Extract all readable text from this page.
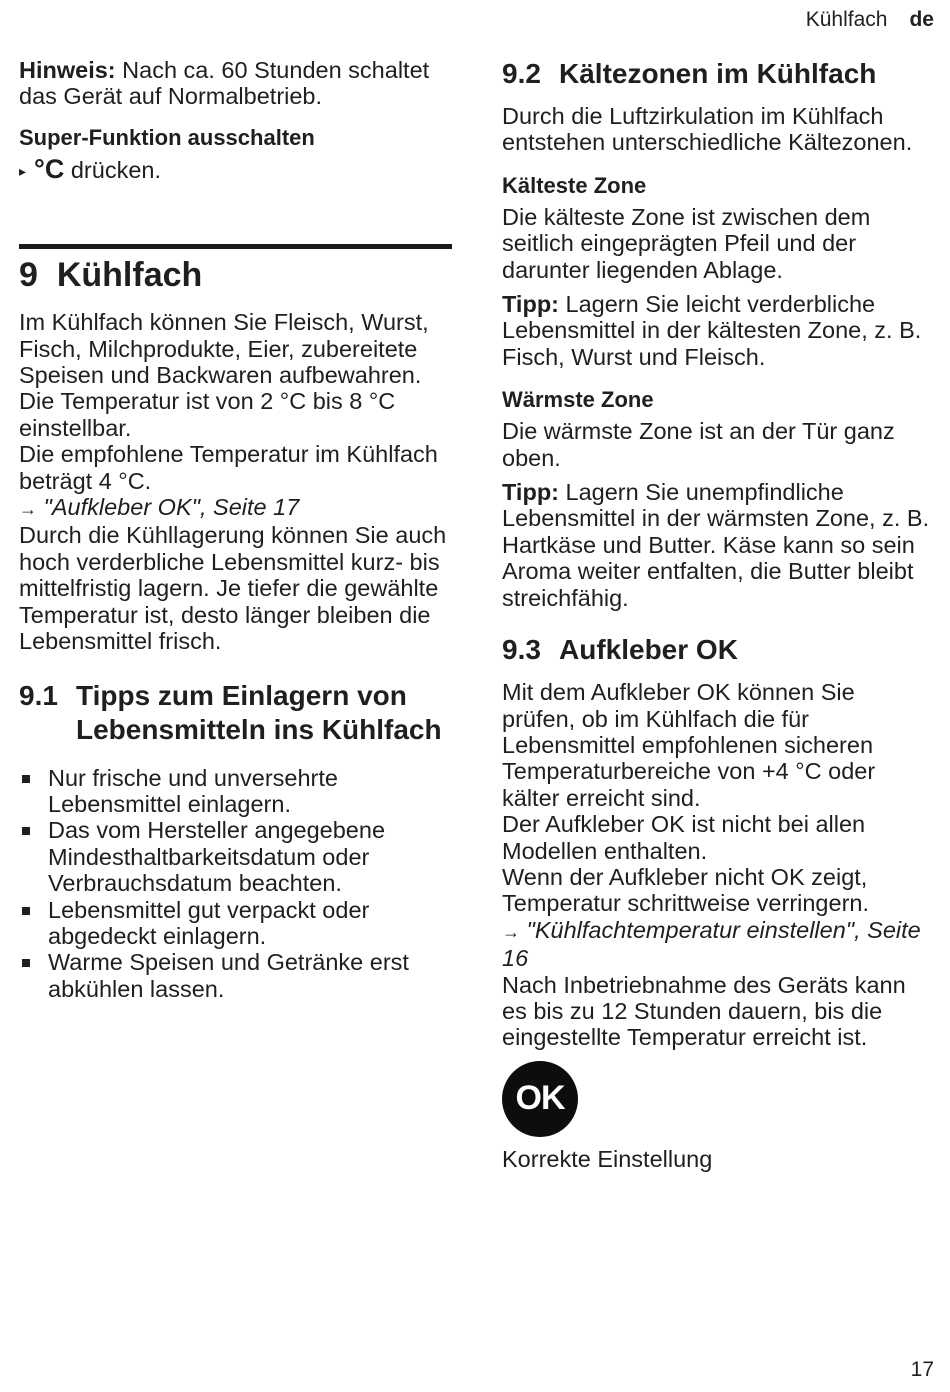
Kühlfach de

Hinweis: Nach ca. 60 Stunden schaltet das Gerät auf Normalbetrieb.

Super-Funktion ausschalten

▸ °C drücken.

9 Kühlfach

Im Kühlfach können Sie Fleisch, Wurst, Fisch, Milchprodukte, Eier, zubereitete Speisen und Backwaren aufbewahren.

Die Temperatur ist von 2 °C bis 8 °C einstellbar.

Die empfohlene Temperatur im Kühlfach beträgt 4 °C.

→ "Aufkleber OK", Seite 17

Durch die Kühllagerung können Sie auch hoch verderbliche Lebensmittel kurz- bis mittelfristig lagern. Je tiefer die gewählte Temperatur ist, desto länger bleiben die Lebensmittel frisch.

9.1 Tipps zum Einlagern von Lebensmitteln ins Kühlfach
Nur frische und unversehrte Lebensmittel einlagern.
Das vom Hersteller angegebene Mindesthaltbarkeitsdatum oder Verbrauchsdatum beachten.
Lebensmittel gut verpackt oder abgedeckt einlagern.
Warme Speisen und Getränke erst abkühlen lassen.
9.2 Kältezonen im Kühlfach

Durch die Luftzirkulation im Kühlfach entstehen unterschiedliche Kältezonen.

Kälteste Zone

Die kälteste Zone ist zwischen dem seitlich eingeprägten Pfeil und der darunter liegenden Ablage.

Tipp: Lagern Sie leicht verderbliche Lebensmittel in der kältesten Zone, z. B. Fisch, Wurst und Fleisch.

Wärmste Zone

Die wärmste Zone ist an der Tür ganz oben.

Tipp: Lagern Sie unempfindliche Lebensmittel in der wärmsten Zone, z. B. Hartkäse und Butter. Käse kann so sein Aroma weiter entfalten, die Butter bleibt streichfähig.

9.3 Aufkleber OK

Mit dem Aufkleber OK können Sie prüfen, ob im Kühlfach die für Lebensmittel empfohlenen sicheren Temperaturbereiche von +4 °C oder kälter erreicht sind.

Der Aufkleber OK ist nicht bei allen Modellen enthalten.

Wenn der Aufkleber nicht OK zeigt, Temperatur schrittweise verringern.

→ "Kühlfachtemperatur einstellen", Seite 16

Nach Inbetriebnahme des Geräts kann es bis zu 12 Stunden dauern, bis die eingestellte Temperatur erreicht ist.

OK

Korrekte Einstellung

17
